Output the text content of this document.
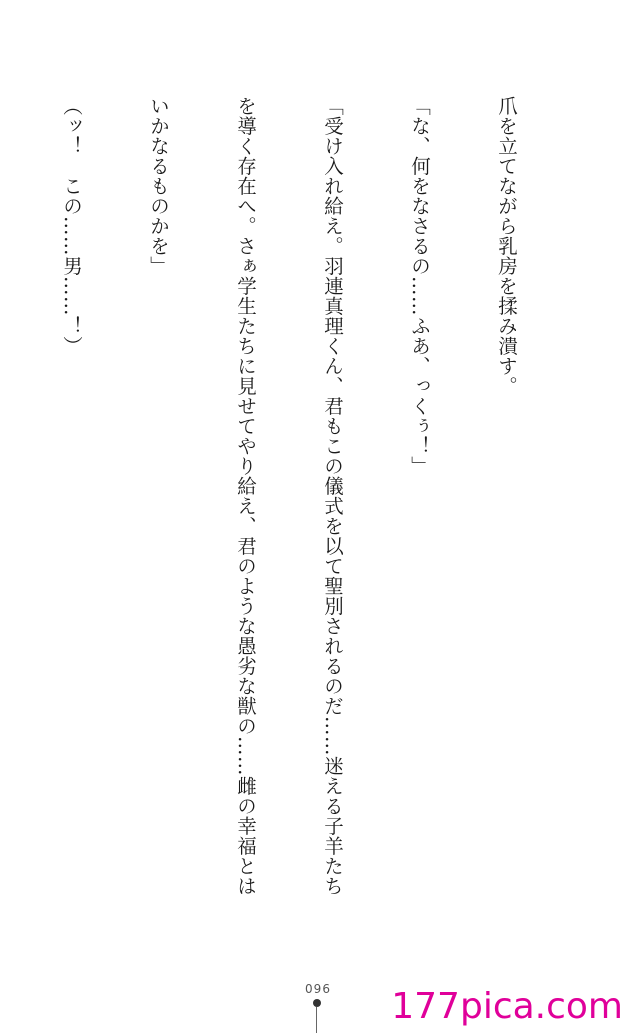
爪を立てながら乳房を揉み潰す。

「な、何をなさるの……ふあ、っくぅ！」

「受け入れ給え。羽連真理くん、君もこの儀式を以て聖別されるのだ……迷える子羊たち

を導く存在へ。さぁ学生たちに見せてやり給え、君のような愚劣な獣の……雌の幸福とは

いかなるものかを」

（ッ！　この……男……！）

096 177pica.com
